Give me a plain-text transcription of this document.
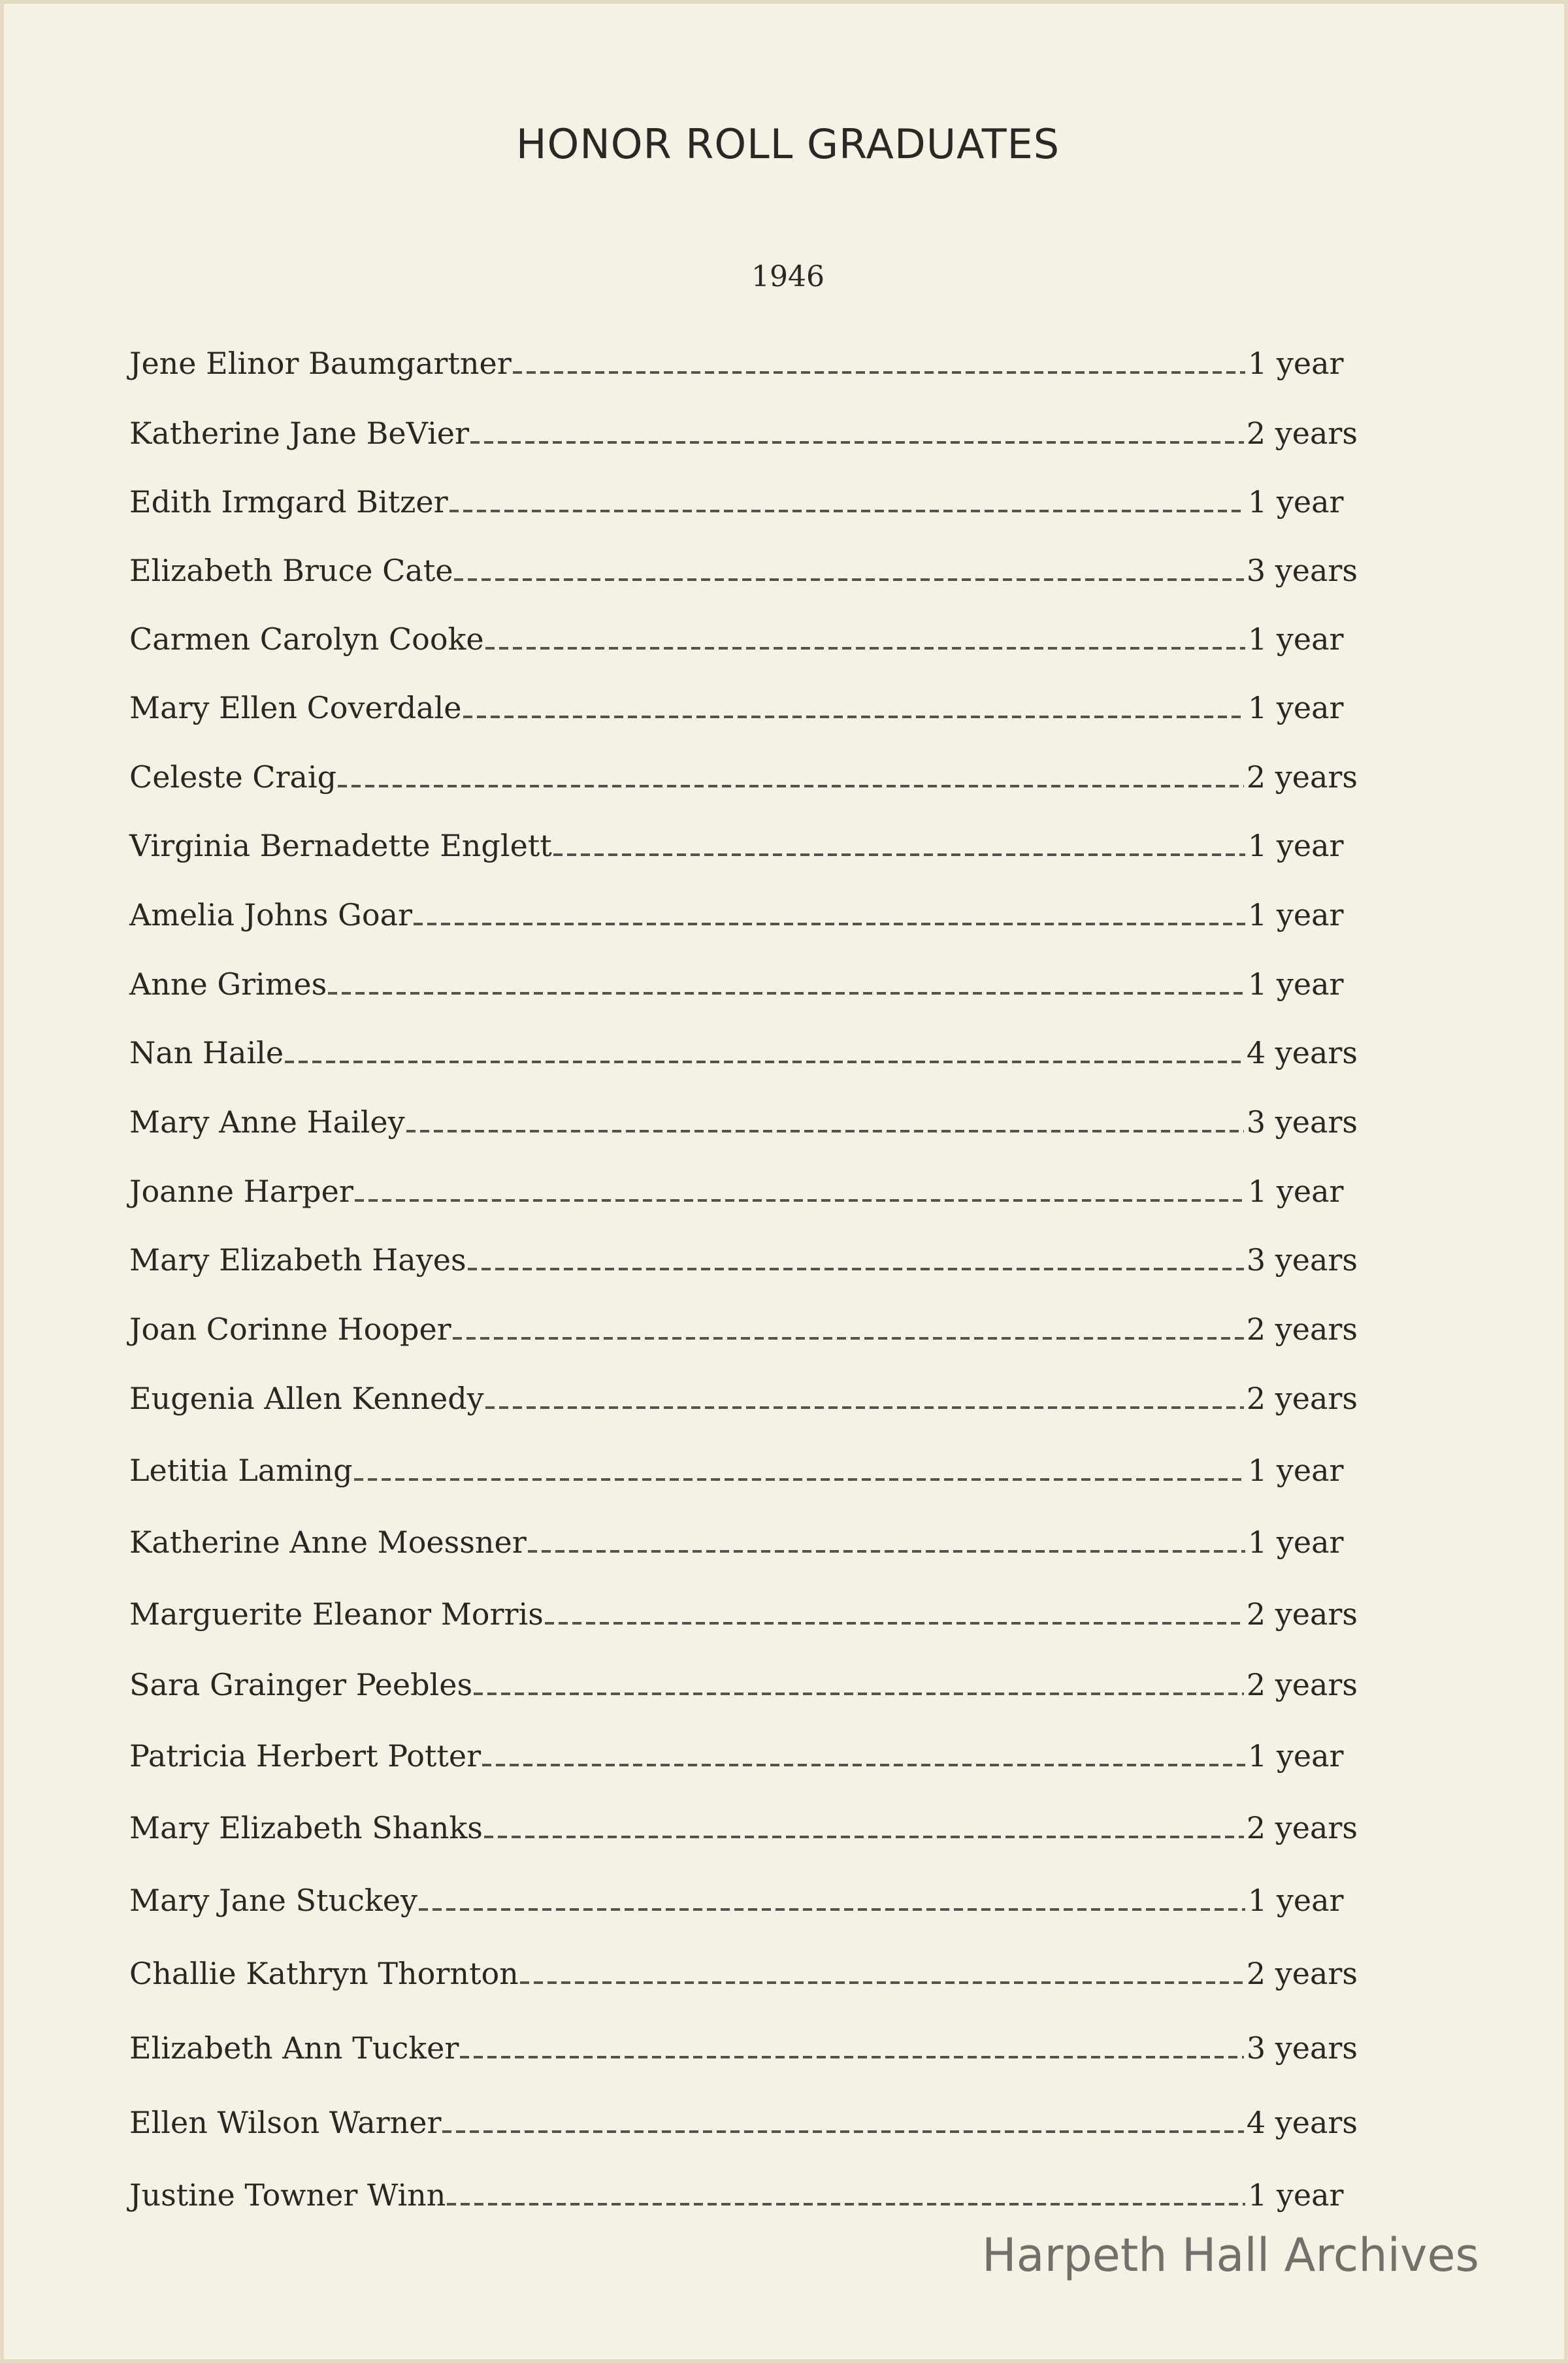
HONOR ROLL GRADUATES
1946
Jene Elinor Baumgartner	1 year
Katherine Jane BeVier	2 years
Edith Irmgard Bitzer	1 year
Elizabeth Bruce Cate	3 years
Carmen Carolyn Cooke	1 year
Mary Ellen Coverdale	1 year
Celeste Craig	2 years
Virginia Bernadette Englett	1 year
Amelia Johns Goar	1 year
Anne Grimes	1 year
Nan Haile	4 years
Mary Anne Hailey	3 years
Joanne Harper	1 year
Mary Elizabeth Hayes	3 years
Joan Corinne Hooper	2 years
Eugenia Allen Kennedy	2 years
Letitia Laming	1 year
Katherine Anne Moessner	1 year
Marguerite Eleanor Morris	2 years
Sara Grainger Peebles	2 years
Patricia Herbert Potter	1 year
Mary Elizabeth Shanks	2 years
Mary Jane Stuckey	1 year
Challie Kathryn Thornton	2 years
Elizabeth Ann Tucker	3 years
Ellen Wilson Warner	4 years
Justine Towner Winn	1 year
Harpeth Hall Archives
